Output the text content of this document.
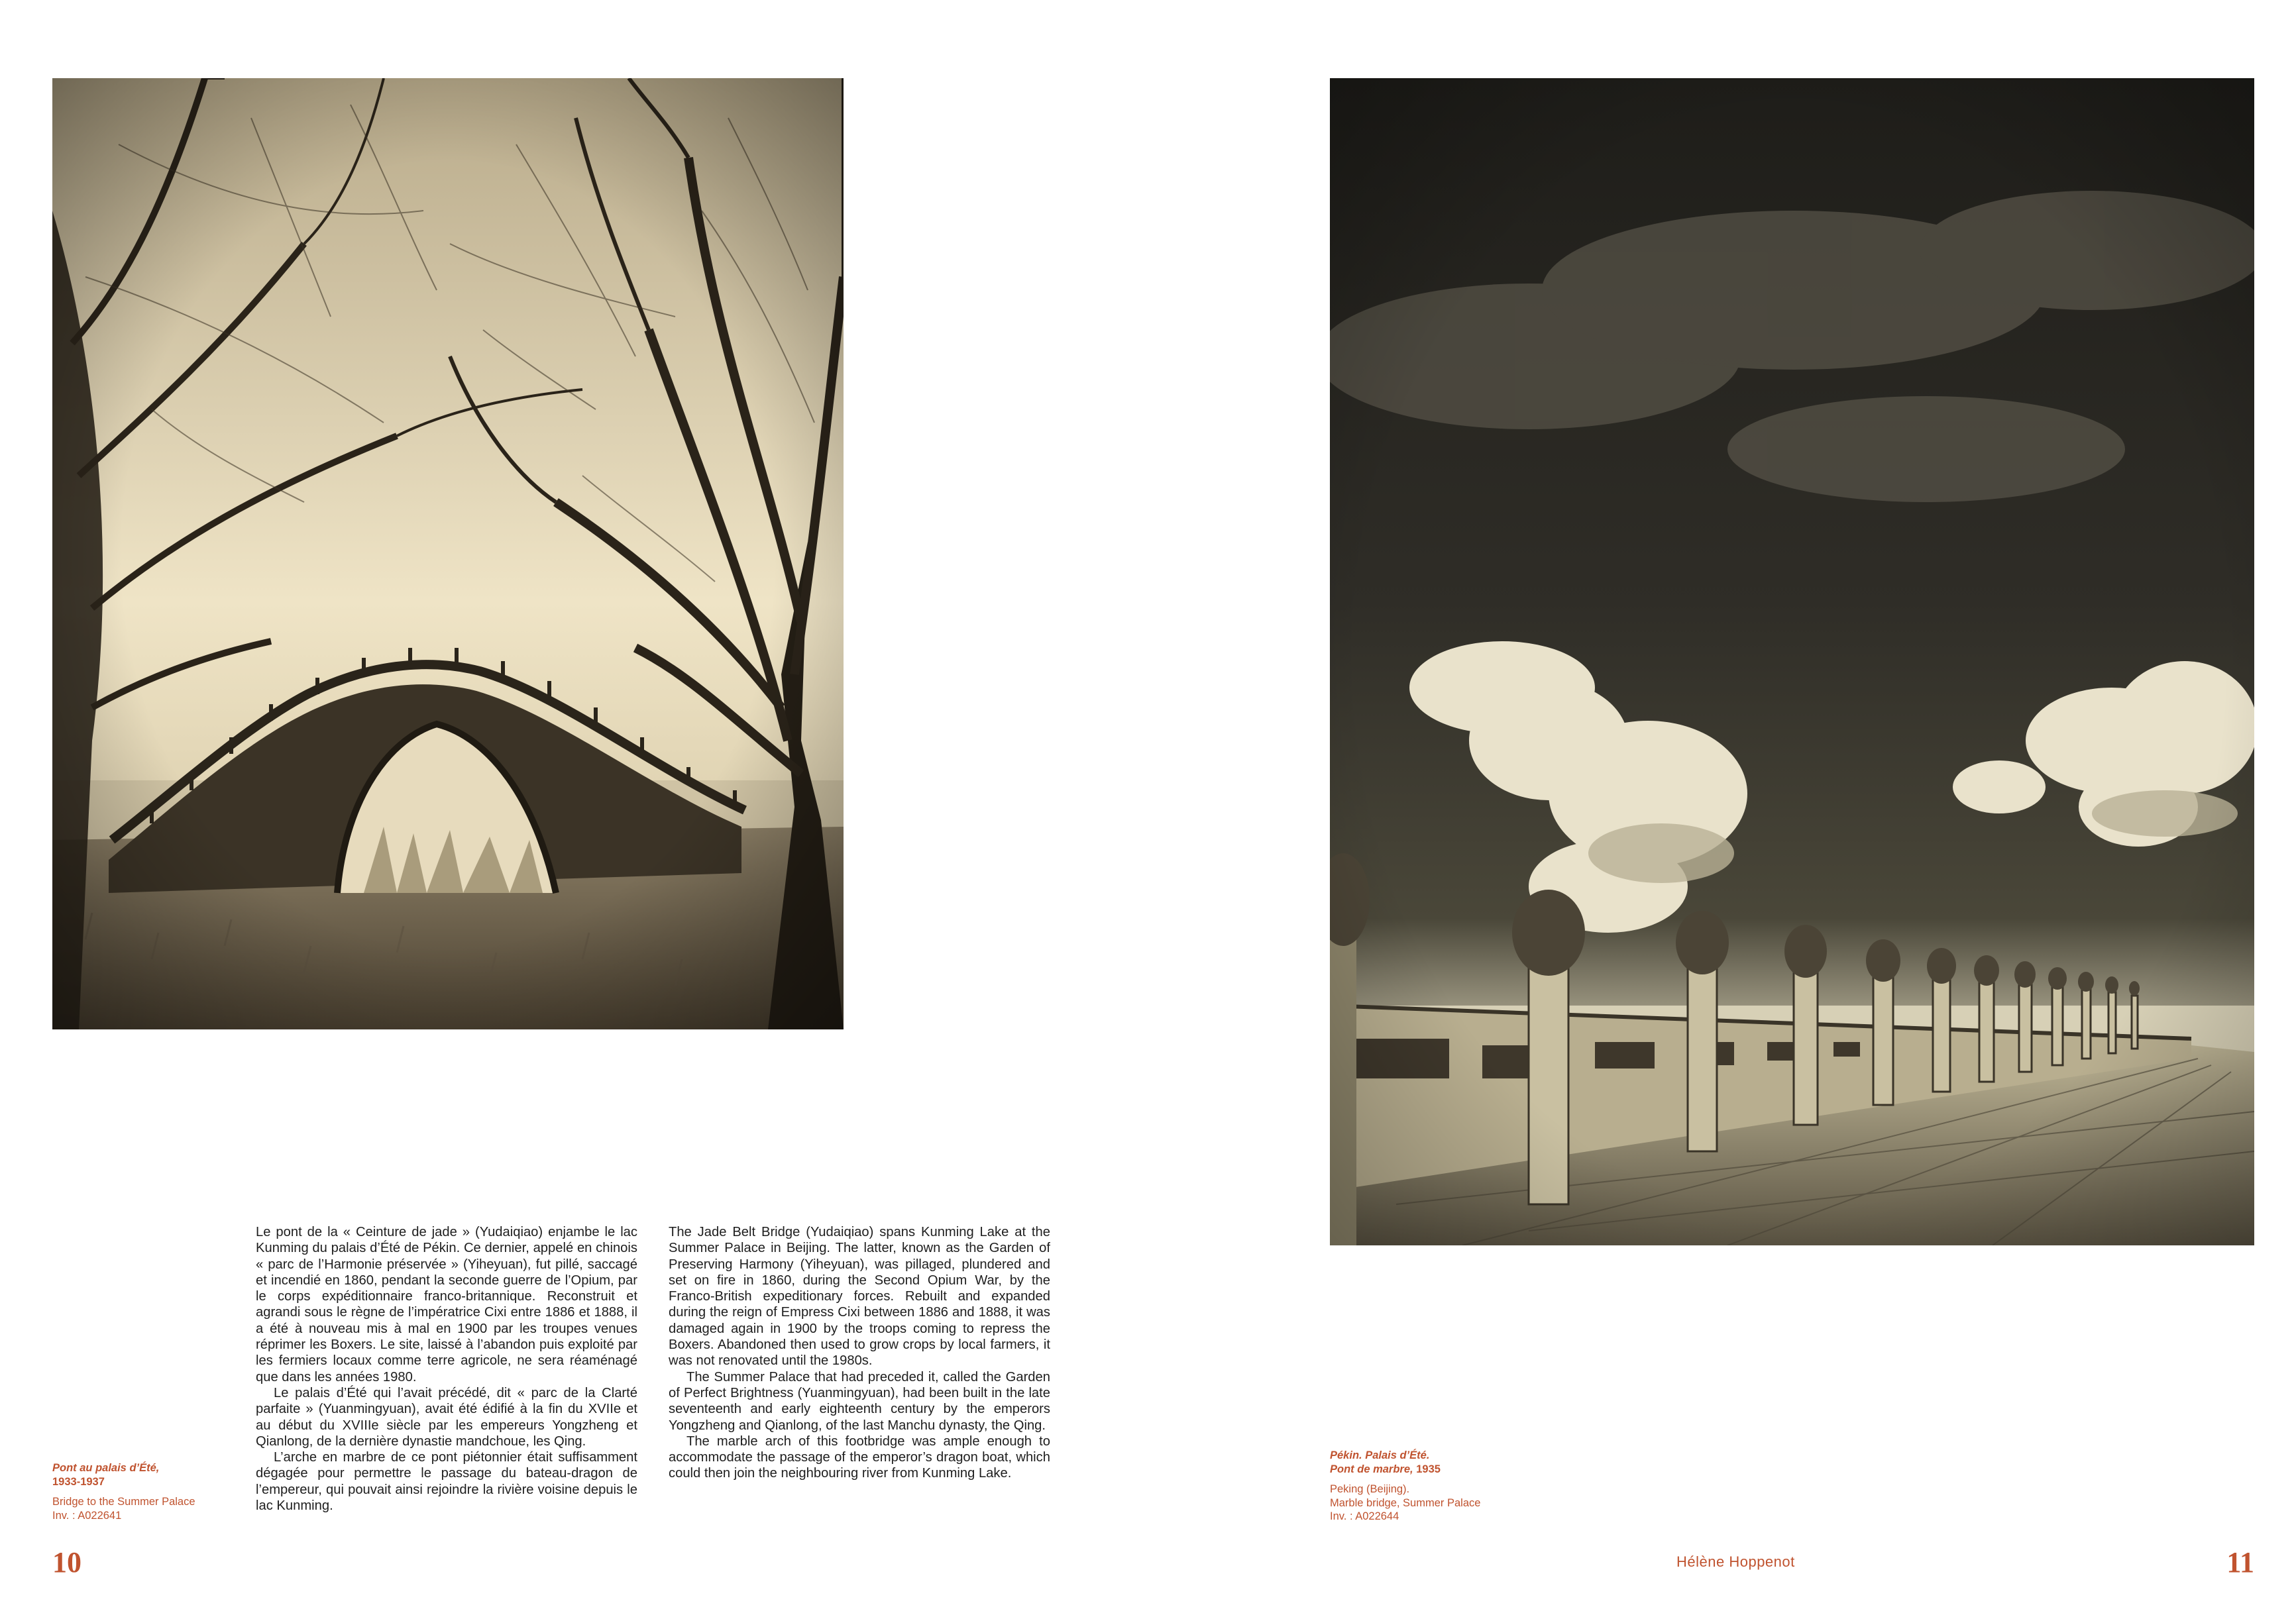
Le pont de la « Ceinture de jade » (Yudaiqiao) enjambe le lac Kunming du palais d’Été de Pékin. Ce dernier, appelé en chinois « parc de l’Harmonie préservée » (Yiheyuan), fut pillé, saccagé et incendié en 1860, pendant la seconde guerre de l’Opium, par le corps expéditionnaire franco-britannique. Reconstruit et agrandi sous le règne de l’impératrice Cixi entre 1886 et 1888, il a été à nouveau mis à mal en 1900 par les troupes venues réprimer les Boxers. Le site, laissé à l’abandon puis exploité par les fermiers locaux comme terre agricole, ne sera réaménagé que dans les années 1980.

Le palais d’Été qui l’avait précédé, dit « parc de la Clarté parfaite » (Yuanmingyuan), avait été édifié à la fin du XVIIe et au début du XVIIIe siècle par les empereurs Yongzheng et Qianlong, de la dernière dynastie mandchoue, les Qing.

L’arche en marbre de ce pont piétonnier était suffisamment dégagée pour permettre le passage du bateau-dragon de l’empereur, qui pouvait ainsi rejoindre la rivière voisine depuis le lac Kunming.

The Jade Belt Bridge (Yudaiqiao) spans Kunming Lake at the Summer Palace in Beijing. The latter, known as the Garden of Preserving Harmony (Yiheyuan), was pillaged, plundered and set on fire in 1860, during the Second Opium War, by the Franco-British expeditionary forces. Rebuilt and expanded during the reign of Empress Cixi between 1886 and 1888, it was damaged again in 1900 by the troops coming to repress the Boxers. Abandoned then used to grow crops by local farmers, it was not renovated until the 1980s.

The Summer Palace that had preceded it, called the Garden of Perfect Brightness (Yuanmingyuan), had been built in the late seventeenth and early eighteenth century by the emperors Yongzheng and Qianlong, of the last Manchu dynasty, the Qing.

The marble arch of this footbridge was ample enough to accommodate the passage of the emperor’s dragon boat, which could then join the neighbouring river from Kunming Lake.

Pont au palais d’Été,
1933-1937
Bridge to the Summer Palace
Inv. : A022641
Pékin. Palais d’Été.
Pont de marbre, 1935
Peking (Beijing).
Marble bridge, Summer Palace
Inv. : A022644
10	11
Hélène Hoppenot
